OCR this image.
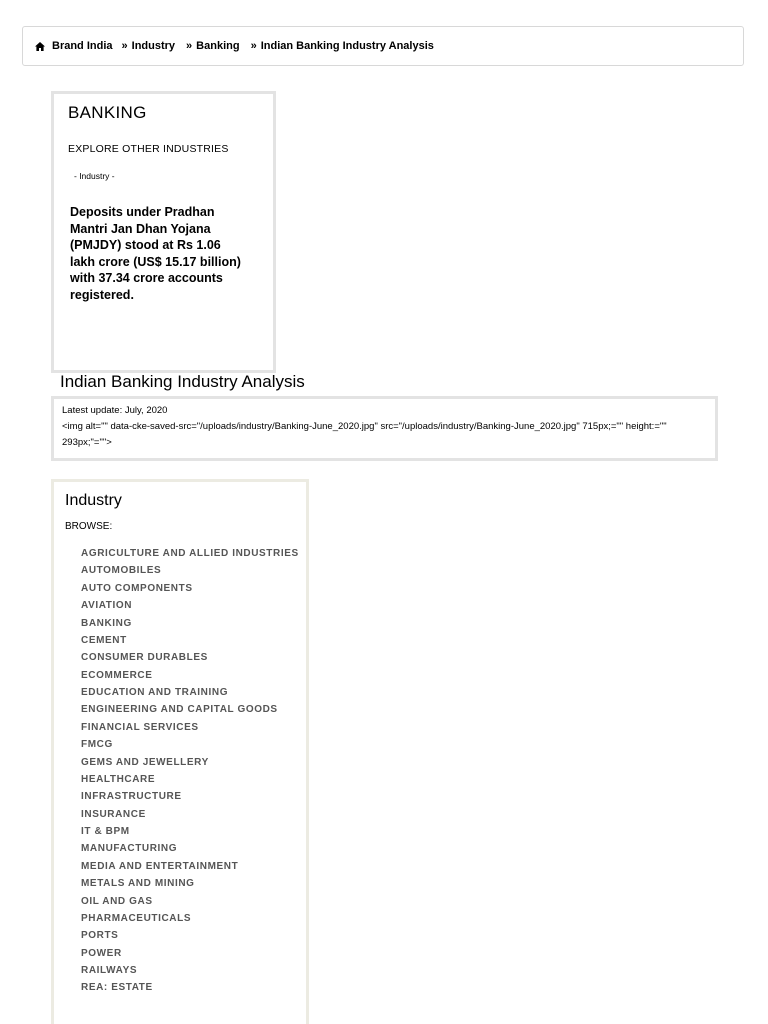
Brand India » Industry » Banking » Indian Banking Industry Analysis
BANKING
EXPLORE OTHER INDUSTRIES
- Industry -
Deposits under Pradhan Mantri Jan Dhan Yojana (PMJDY) stood at Rs 1.06 lakh crore (US$ 15.17 billion) with 37.34 crore accounts registered.
Indian Banking Industry Analysis
Latest update: July, 2020
<img alt="" data-cke-saved-src="/uploads/industry/Banking-June_2020.jpg" src="/uploads/industry/Banking-June_2020.jpg" 715px;="" height:="" 293px;"="">
Industry
BROWSE:
AGRICULTURE AND ALLIED INDUSTRIES
AUTOMOBILES
AUTO COMPONENTS
AVIATION
BANKING
CEMENT
CONSUMER DURABLES
ECOMMERCE
EDUCATION AND TRAINING
ENGINEERING AND CAPITAL GOODS
FINANCIAL SERVICES
FMCG
GEMS AND JEWELLERY
HEALTHCARE
INFRASTRUCTURE
INSURANCE
IT & BPM
MANUFACTURING
MEDIA AND ENTERTAINMENT
METALS AND MINING
OIL AND GAS
PHARMACEUTICALS
PORTS
POWER
RAILWAYS
REA: ESTATE
